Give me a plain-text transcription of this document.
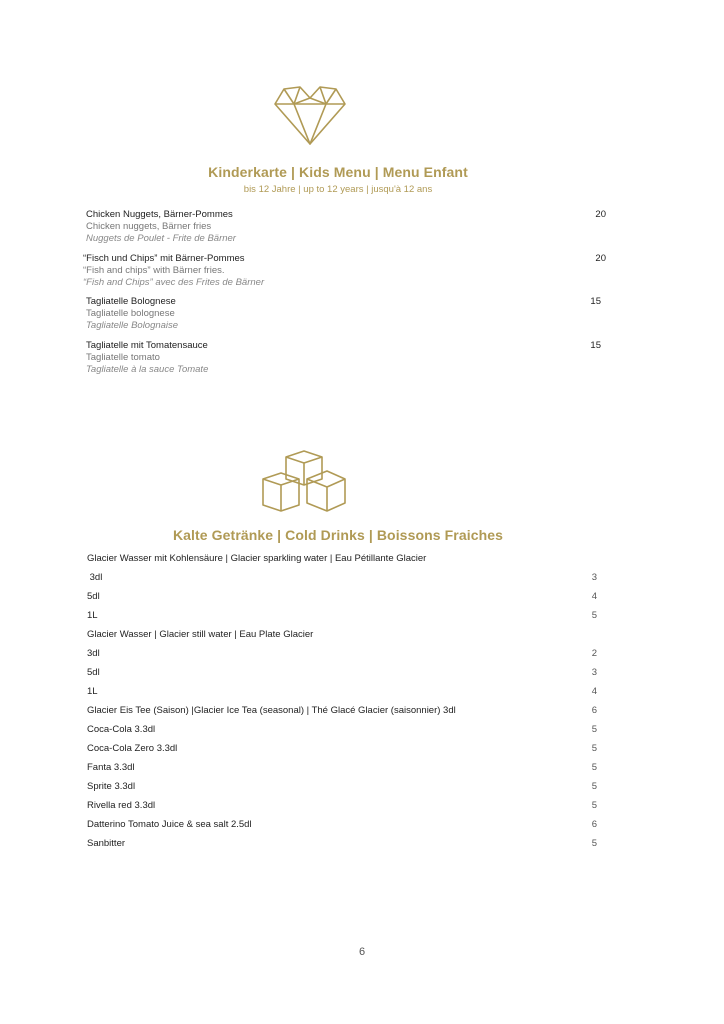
Kinderkarte | Kids Menu | Menu Enfant
bis 12 Jahre | up to 12 years | jusqu'à 12 ans
Chicken Nuggets, Bärner-Pommes
Chicken nuggets, Bärner fries
Nuggets de Poulet - Frite de Bärner
20
“Fisch und Chips” mit Bärner-Pommes
“Fish and chips” with Bärner fries.
“Fish and Chips” avec des Frites de Bärner
20
Tagliatelle Bolognese
Tagliatelle bolognese
Tagliatelle Bolognaise
15
Tagliatelle mit Tomatensauce
Tagliatelle tomato
Tagliatelle à la sauce Tomate
15
Kalte Getränke | Cold Drinks | Boissons Fraiches
Glacier Wasser mit Kohlensäure | Glacier sparkling water | Eau Pétillante Glacier
3dl	3
5dl	4
1L	5
Glacier Wasser | Glacier still water | Eau Plate Glacier
3dl	2
5dl	3
1L	4
Glacier Eis Tee (Saison) |Glacier Ice Tea (seasonal) | Thé Glacé Glacier (saisonnier) 3dl	6
Coca-Cola 3.3dl	5
Coca-Cola Zero 3.3dl	5
Fanta 3.3dl	5
Sprite 3.3dl	5
Rivella red 3.3dl	5
Datterino Tomato Juice & sea salt 2.5dl	6
Sanbitter	5
6
